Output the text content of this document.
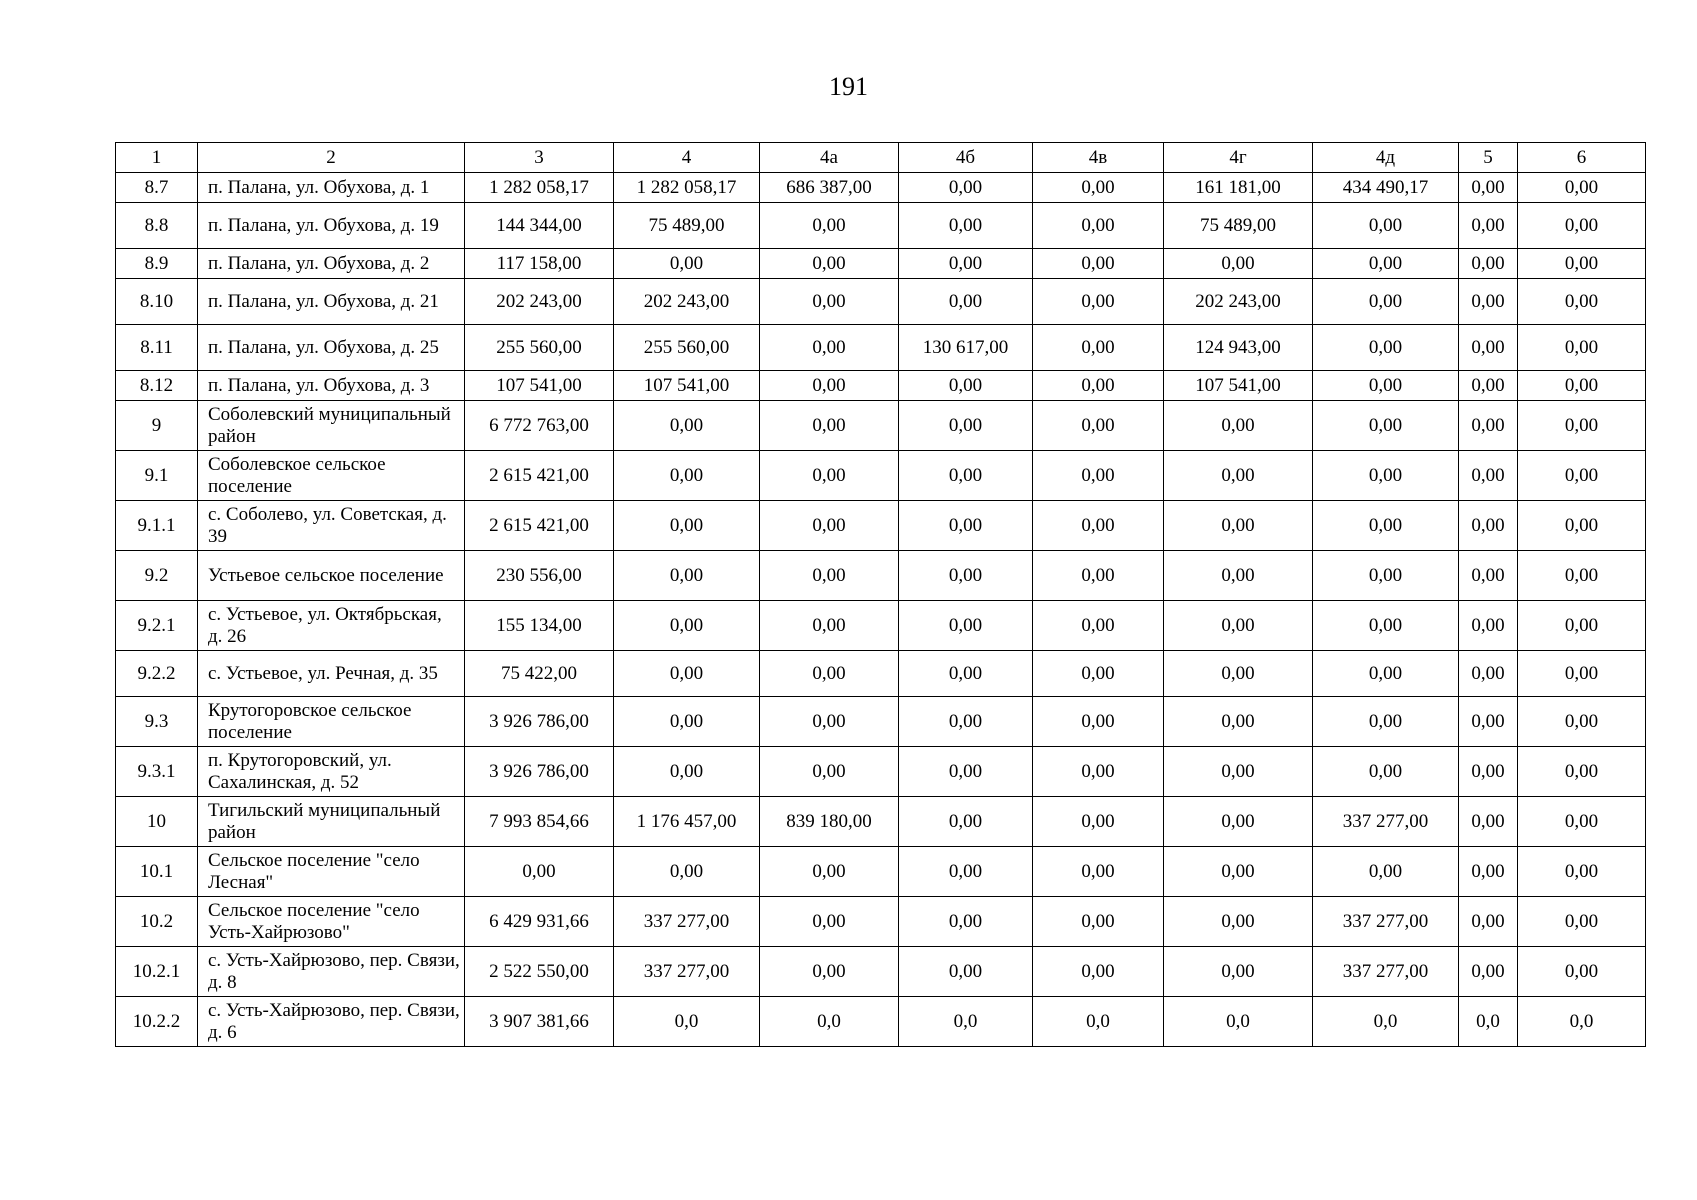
191
1	2	3	4	4а	4б	4в	4г	4д	5	6
8.7	п. Палана, ул. Обухова, д. 1	1 282 058,17	1 282 058,17	686 387,00	0,00	0,00	161 181,00	434 490,17	0,00	0,00
8.8	п. Палана, ул. Обухова, д. 19	144 344,00	75 489,00	0,00	0,00	0,00	75 489,00	0,00	0,00	0,00
8.9	п. Палана, ул. Обухова, д. 2	117 158,00	0,00	0,00	0,00	0,00	0,00	0,00	0,00	0,00
8.10	п. Палана, ул. Обухова, д. 21	202 243,00	202 243,00	0,00	0,00	0,00	202 243,00	0,00	0,00	0,00
8.11	п. Палана, ул. Обухова, д. 25	255 560,00	255 560,00	0,00	130 617,00	0,00	124 943,00	0,00	0,00	0,00
8.12	п. Палана, ул. Обухова, д. 3	107 541,00	107 541,00	0,00	0,00	0,00	107 541,00	0,00	0,00	0,00
9	Соболевский муниципальный район	6 772 763,00	0,00	0,00	0,00	0,00	0,00	0,00	0,00	0,00
9.1	Соболевское сельское поселение	2 615 421,00	0,00	0,00	0,00	0,00	0,00	0,00	0,00	0,00
9.1.1	с. Соболево, ул. Советская, д. 39	2 615 421,00	0,00	0,00	0,00	0,00	0,00	0,00	0,00	0,00
9.2	Устьевое сельское поселение	230 556,00	0,00	0,00	0,00	0,00	0,00	0,00	0,00	0,00
9.2.1	с. Устьевое, ул. Октябрьская, д. 26	155 134,00	0,00	0,00	0,00	0,00	0,00	0,00	0,00	0,00
9.2.2	с. Устьевое, ул. Речная, д. 35	75 422,00	0,00	0,00	0,00	0,00	0,00	0,00	0,00	0,00
9.3	Крутогоровское сельское поселение	3 926 786,00	0,00	0,00	0,00	0,00	0,00	0,00	0,00	0,00
9.3.1	п. Крутогоровский, ул. Сахалинская, д. 52	3 926 786,00	0,00	0,00	0,00	0,00	0,00	0,00	0,00	0,00
10	Тигильский муниципальный район	7 993 854,66	1 176 457,00	839 180,00	0,00	0,00	0,00	337 277,00	0,00	0,00
10.1	Сельское поселение "село Лесная"	0,00	0,00	0,00	0,00	0,00	0,00	0,00	0,00	0,00
10.2	Сельское поселение "село Усть-Хайрюзово"	6 429 931,66	337 277,00	0,00	0,00	0,00	0,00	337 277,00	0,00	0,00
10.2.1	с. Усть-Хайрюзово, пер. Связи, д. 8	2 522 550,00	337 277,00	0,00	0,00	0,00	0,00	337 277,00	0,00	0,00
10.2.2	с. Усть-Хайрюзово, пер. Связи, д. 6	3 907 381,66	0,0	0,0	0,0	0,0	0,0	0,0	0,0	0,0
